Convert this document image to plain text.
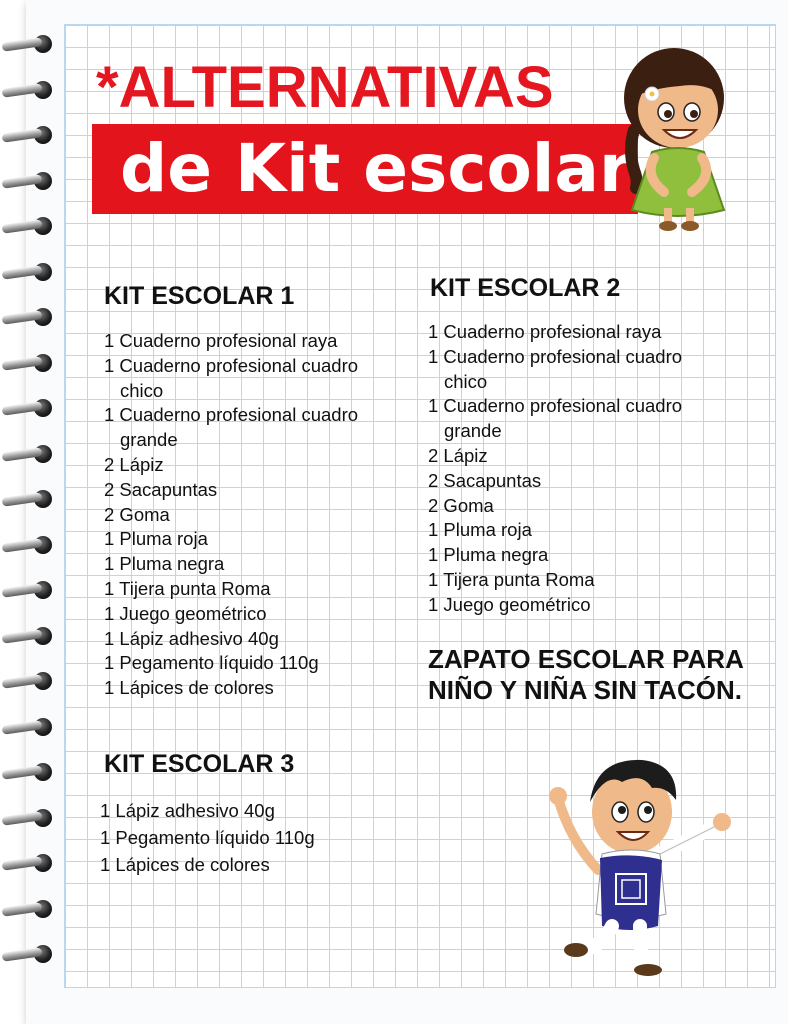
*ALTERNATIVAS
de Kit escolar
KIT ESCOLAR 1
1 Cuaderno profesional raya
1 Cuaderno profesional cuadro chico
1 Cuaderno profesional cuadro grande
2 Lápiz
2 Sacapuntas
2 Goma
1 Pluma roja
1 Pluma negra
1 Tijera punta Roma
1 Juego geométrico
1 Lápiz adhesivo 40g
1 Pegamento líquido 110g
1 Lápices de colores
KIT ESCOLAR 2
1 Cuaderno profesional raya
1 Cuaderno profesional cuadro chico
1 Cuaderno profesional cuadro grande
2 Lápiz
2 Sacapuntas
2 Goma
1 Pluma roja
1 Pluma negra
1 Tijera punta Roma
1 Juego geométrico
KIT ESCOLAR 3
1 Lápiz adhesivo 40g
1 Pegamento líquido 110g
1 Lápices de colores
ZAPATO ESCOLAR PARA NIÑO Y NIÑA SIN TACÓN.
